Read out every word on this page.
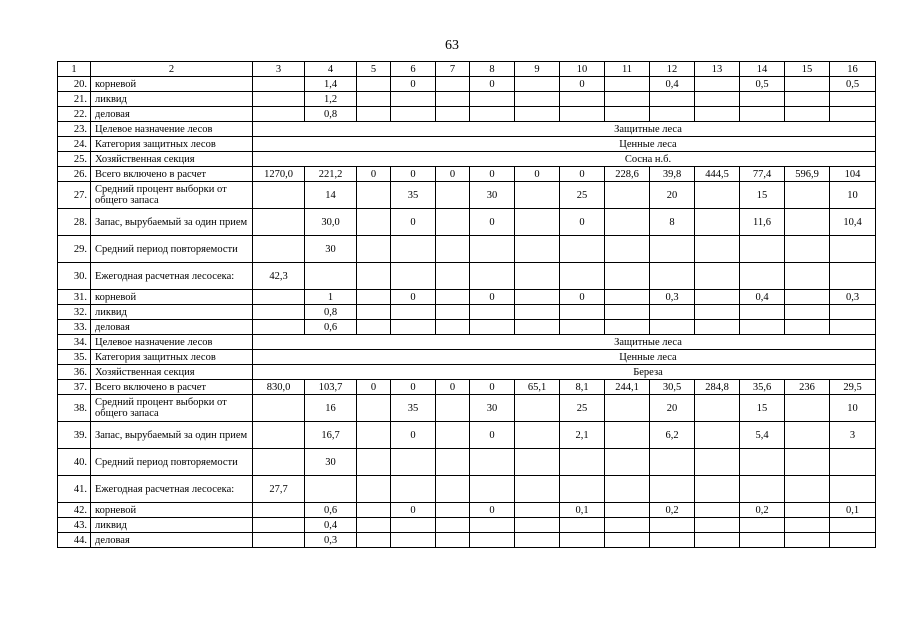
63
1	2	3	4	5	6	7	8	9	10	11	12	13	14	15	16
20.	корневой		1,4		0		0		0		0,4		0,5		0,5
21.	ликвид		1,2												
22.	деловая		0,8												
23.	Целевое назначение лесов	Защитные леса													
24.	Категория защитных лесов	Ценные леса													
25.	Хозяйственная секция	Сосна н.б.													
26.	Всего включено в расчет	1270,0	221,2	0	0	0	0	0	0	228,6	39,8	444,5	77,4	596,9	104
27.	Средний процент выборки от общего запаса		14		35		30		25		20		15		10
28.	Запас, вырубаемый за один прием		30,0		0		0		0		8		11,6		10,4
29.	Средний период повторяемости		30												
30.	Ежегодная расчетная лесосека:	42,3													
31.	корневой		1		0		0		0		0,3		0,4		0,3
32.	ликвид		0,8												
33.	деловая		0,6												
34.	Целевое назначение лесов	Защитные леса													
35.	Категория защитных лесов	Ценные леса													
36.	Хозяйственная секция	Береза													
37.	Всего включено в расчет	830,0	103,7	0	0	0	0	65,1	8,1	244,1	30,5	284,8	35,6	236	29,5
38.	Средний процент выборки от общего запаса		16		35		30		25		20		15		10
39.	Запас, вырубаемый за один прием		16,7		0		0		2,1		6,2		5,4		3
40.	Средний период повторяемости		30												
41.	Ежегодная расчетная лесосека:	27,7													
42.	корневой		0,6		0		0		0,1		0,2		0,2		0,1
43.	ликвид		0,4												
44.	деловая		0,3												
